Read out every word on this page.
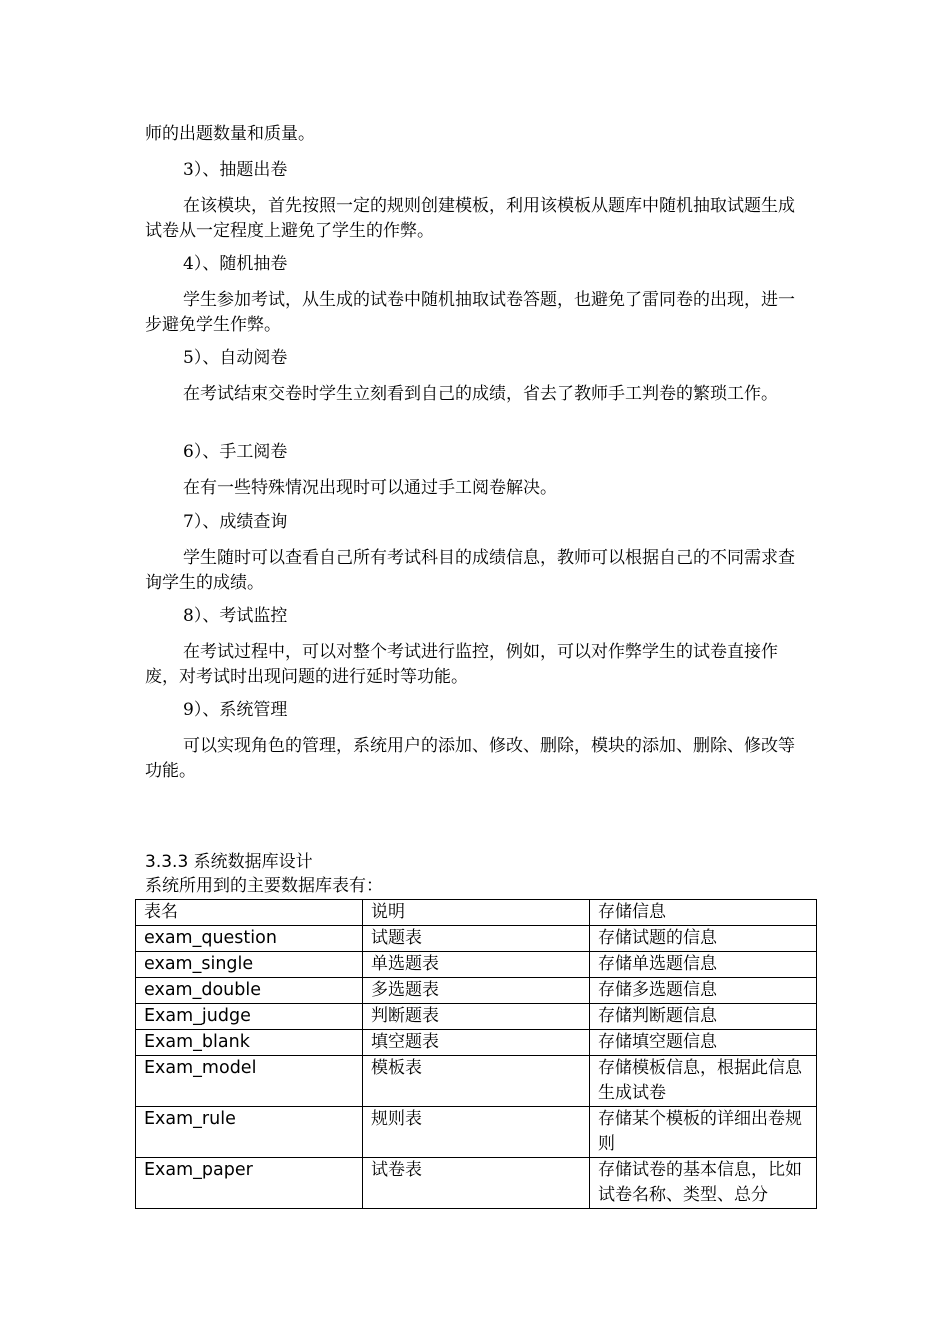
师的出题数量和质量。

3）、抽题出卷

在该模块，首先按照一定的规则创建模板，利用该模板从题库中随机抽取试题生成试卷从一定程度上避免了学生的作弊。

4）、随机抽卷

学生参加考试，从生成的试卷中随机抽取试卷答题，也避免了雷同卷的出现，进一步避免学生作弊。

5）、自动阅卷

在考试结束交卷时学生立刻看到自己的成绩，省去了教师手工判卷的繁琐工作。

6）、手工阅卷

在有一些特殊情况出现时可以通过手工阅卷解决。

7）、成绩查询

学生随时可以查看自己所有考试科目的成绩信息，教师可以根据自己的不同需求查询学生的成绩。

8）、考试监控

在考试过程中，可以对整个考试进行监控，例如，可以对作弊学生的试卷直接作废，对考试时出现问题的进行延时等功能。

9）、系统管理

可以实现角色的管理，系统用户的添加、修改、删除，模块的添加、删除、修改等功能。

3.3.3 系统数据库设计

系统所用到的主要数据库表有：

表名	说明	存储信息
exam_question	试题表	存储试题的信息
exam_single	单选题表	存储单选题信息
exam_double	多选题表	存储多选题信息
Exam_judge	判断题表	存储判断题信息
Exam_blank	填空题表	存储填空题信息
Exam_model	模板表	存储模板信息，根据此信息生成试卷
Exam_rule	规则表	存储某个模板的详细出卷规则
Exam_paper	试卷表	存储试卷的基本信息，比如试卷名称、类型、总分
